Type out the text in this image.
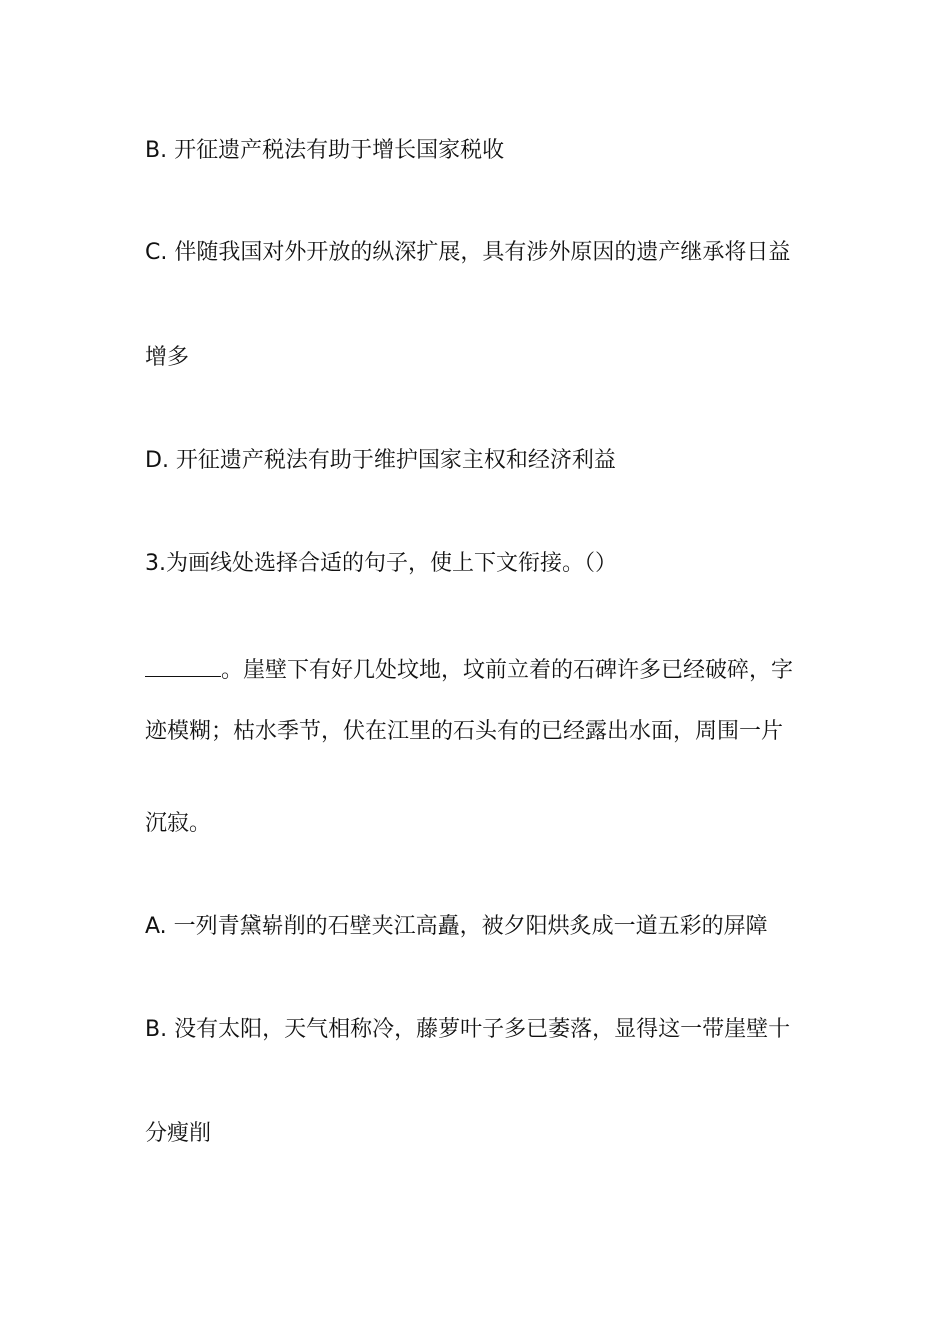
B. 开征遗产税法有助于增长国家税收
C. 伴随我国对外开放的纵深扩展，具有涉外原因的遗产继承将日益
增多
D. 开征遗产税法有助于维护国家主权和经济利益
3.为画线处选择合适的句子，使上下文衔接。（）
。崖壁下有好几处坟地，坟前立着的石碑许多已经破碎，字
迹模糊；枯水季节，伏在江里的石头有的已经露出水面，周围一片
沉寂。
A. 一列青黛崭削的石壁夹江高矗，被夕阳烘炙成一道五彩的屏障
B. 没有太阳，天气相称冷，藤萝叶子多已萎落，显得这一带崖壁十
分瘦削
